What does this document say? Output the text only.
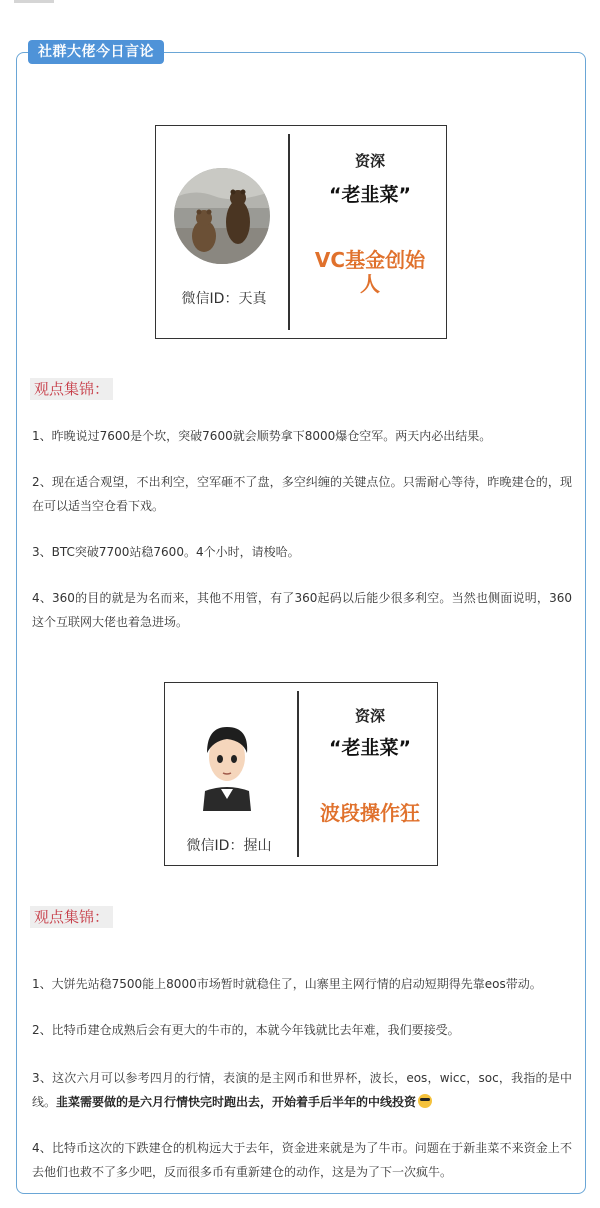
社群大佬今日言论
微信ID：天真
资深
“老韭菜”
VC基金创始
人
观点集锦：
1、昨晚说过7600是个坎，突破7600就会顺势拿下8000爆仓空军。两天内必出结果。
2、现在适合观望，不出利空，空军砸不了盘，多空纠缠的关键点位。只需耐心等待，昨晚建仓的，现在可以适当空仓看下戏。
3、BTC突破7700站稳7600。4个小时，请梭哈。
4、360的目的就是为名而来，其他不用管，有了360起码以后能少很多利空。当然也侧面说明，360这个互联网大佬也着急进场。
微信ID：握山
资深
“老韭菜”
波段操作狂
观点集锦：
1、大饼先站稳7500能上8000市场暂时就稳住了，山寨里主网行情的启动短期得先靠eos带动。
2、比特币建仓成熟后会有更大的牛市的，本就今年钱就比去年难，我们要接受。
3、这次六月可以参考四月的行情，表演的是主网币和世界杯，波长，eos，wicc，soc，我指的是中线。韭菜需要做的是六月行情快完时跑出去，开始着手后半年的中线投资
4、比特币这次的下跌建仓的机构远大于去年，资金进来就是为了牛市。问题在于新韭菜不来资金上不去他们也救不了多少吧，反而很多币有重新建仓的动作，这是为了下一次疯牛。
